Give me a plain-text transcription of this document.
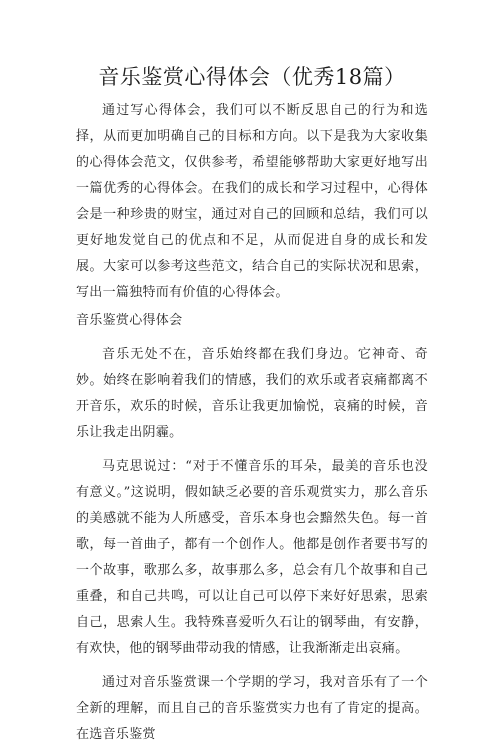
音乐鉴赏心得体会（优秀18篇）

通过写心得体会，我们可以不断反思自己的行为和选择，从而更加明确自己的目标和方向。以下是我为大家收集的心得体会范文，仅供参考，希望能够帮助大家更好地写出一篇优秀的心得体会。在我们的成长和学习过程中，心得体会是一种珍贵的财宝，通过对自己的回顾和总结，我们可以更好地发觉自己的优点和不足，从而促进自身的成长和发展。大家可以参考这些范文，结合自己的实际状况和思索，写出一篇独特而有价值的心得体会。

音乐鉴赏心得体会

音乐无处不在，音乐始终都在我们身边。它神奇、奇妙。始终在影响着我们的情感，我们的欢乐或者哀痛都离不开音乐，欢乐的时候，音乐让我更加愉悦，哀痛的时候，音乐让我走出阴霾。

马克思说过：“对于不懂音乐的耳朵，最美的音乐也没有意义。”这说明，假如缺乏必要的音乐观赏实力，那么音乐的美感就不能为人所感受，音乐本身也会黯然失色。每一首歌，每一首曲子，都有一个创作人。他都是创作者要书写的一个故事，歌那么多，故事那么多，总会有几个故事和自己重叠，和自己共鸣，可以让自己可以停下来好好思索，思索自己，思索人生。我特殊喜爱听久石让的钢琴曲，有安静，有欢快，他的钢琴曲带动我的情感，让我渐渐走出哀痛。

通过对音乐鉴赏课一个学期的学习，我对音乐有了一个全新的理解，而且自己的音乐鉴赏实力也有了肯定的提高。在选音乐鉴赏
